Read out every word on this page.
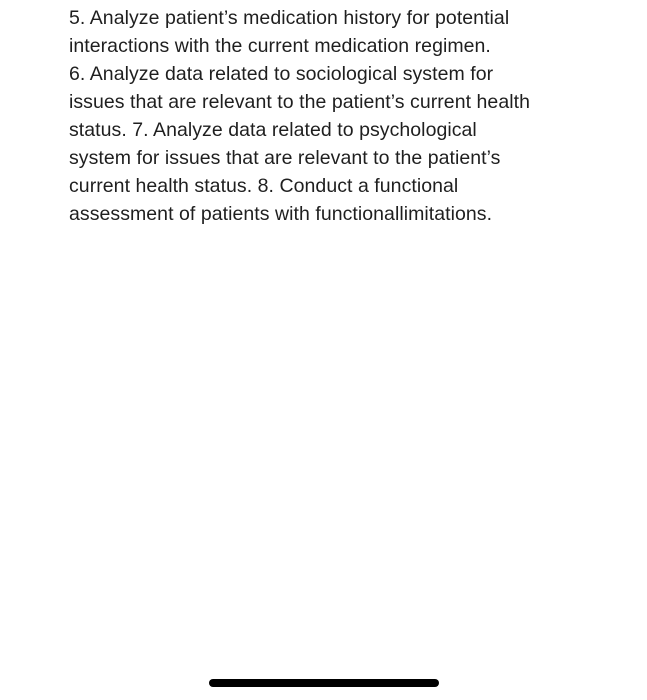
5. Analyze patient’s medication history for potential
interactions with the current medication regimen.
6. Analyze data related to sociological system for
issues that are relevant to the patient’s current health
status. 7. Analyze data related to psychological
system for issues that are relevant to the patient’s
current health status. 8. Conduct a functional
assessment of patients with functionallimitations.
